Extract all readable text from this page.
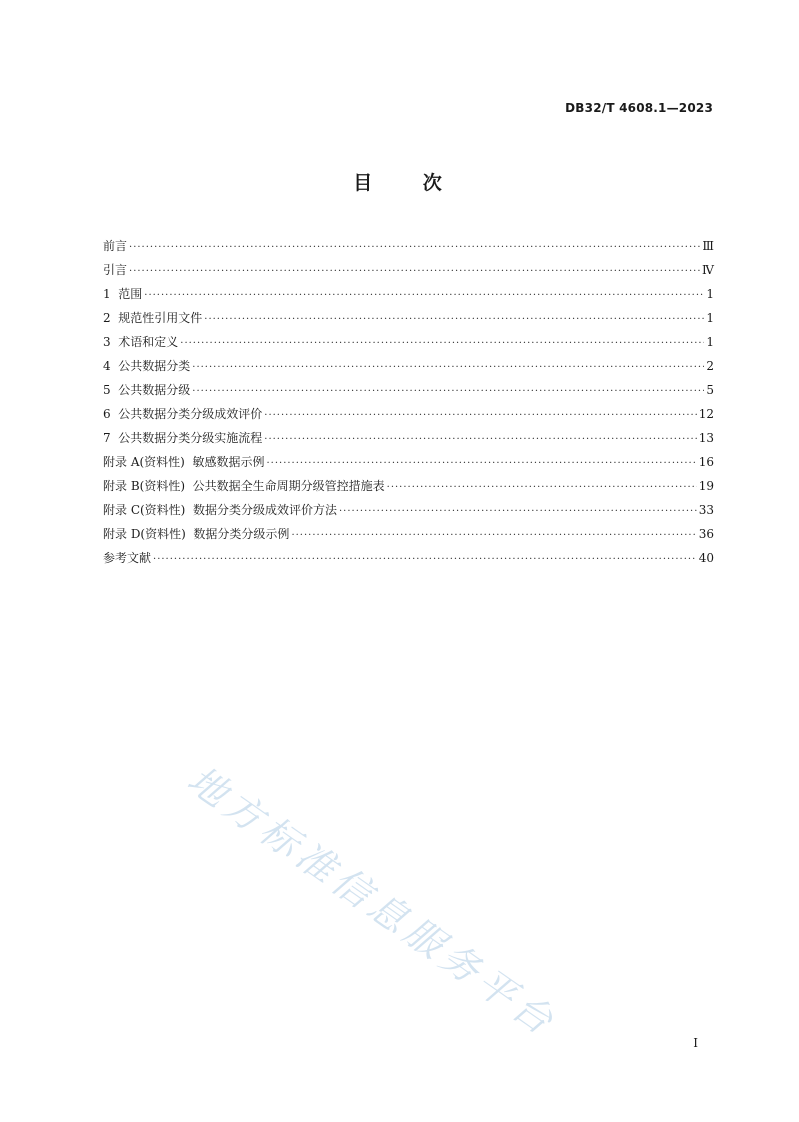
DB32/T 4608.1—2023
目 次
前言 ·····	Ⅲ
引言 ·····	Ⅳ
1  范围 ·····	1
2  规范性引用文件 ·····	1
3  术语和定义 ·····	1
4  公共数据分类 ·····	2
5  公共数据分级 ·····	5
6  公共数据分类分级成效评价 ·····	12
7  公共数据分类分级实施流程 ·····	13
附录 A(资料性)  敏感数据示例 ·····	16
附录 B(资料性)  公共数据全生命周期分级管控措施表 ·····	19
附录 C(资料性)  数据分类分级成效评价方法 ·····	33
附录 D(资料性)  数据分类分级示例 ·····	36
参考文献 ·····	40
地方标准信息服务平台	I
